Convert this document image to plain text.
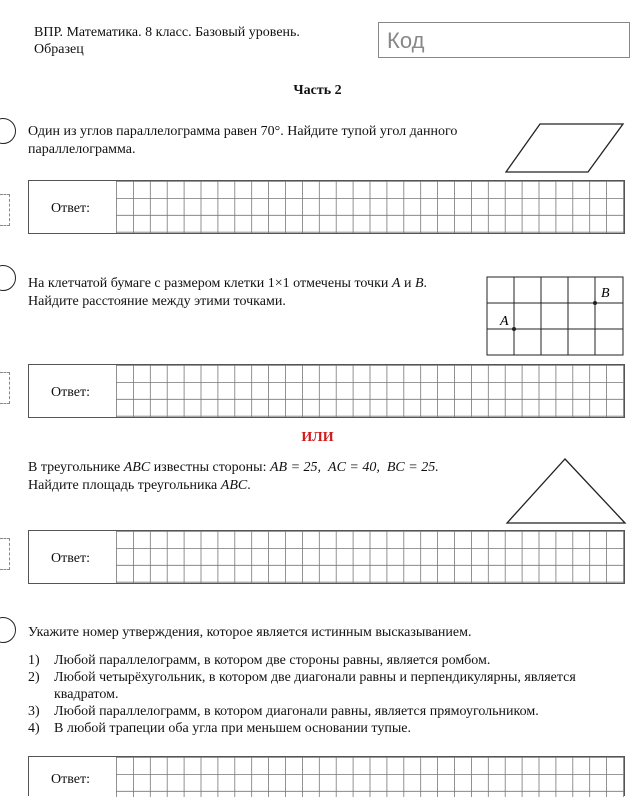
ВПР. Математика. 8 класс. Базовый уровень.
Образец	Код
Часть 2
Один из углов параллелограмма равен 70°. Найдите тупой угол данного
параллелограмма.
Ответ:
На клетчатой бумаге с размером клетки 1×1 отмечены точки A и B.
Найдите расстояние между этими точками.
A
B
Ответ:
ИЛИ
В треугольнике ABC известны стороны: AB = 25, AC = 40, BC = 25.
Найдите площадь треугольника ABC.
Ответ:
Укажите номер утверждения, которое является истинным высказыванием.
1) Любой параллелограмм, в котором две стороны равны, является ромбом.
2) Любой четырёхугольник, в котором две диагонали равны и перпендикулярны, является квадратом.
3) Любой параллелограмм, в котором диагонали равны, является прямоугольником.
4) В любой трапеции оба угла при меньшем основании тупые.
Ответ:
